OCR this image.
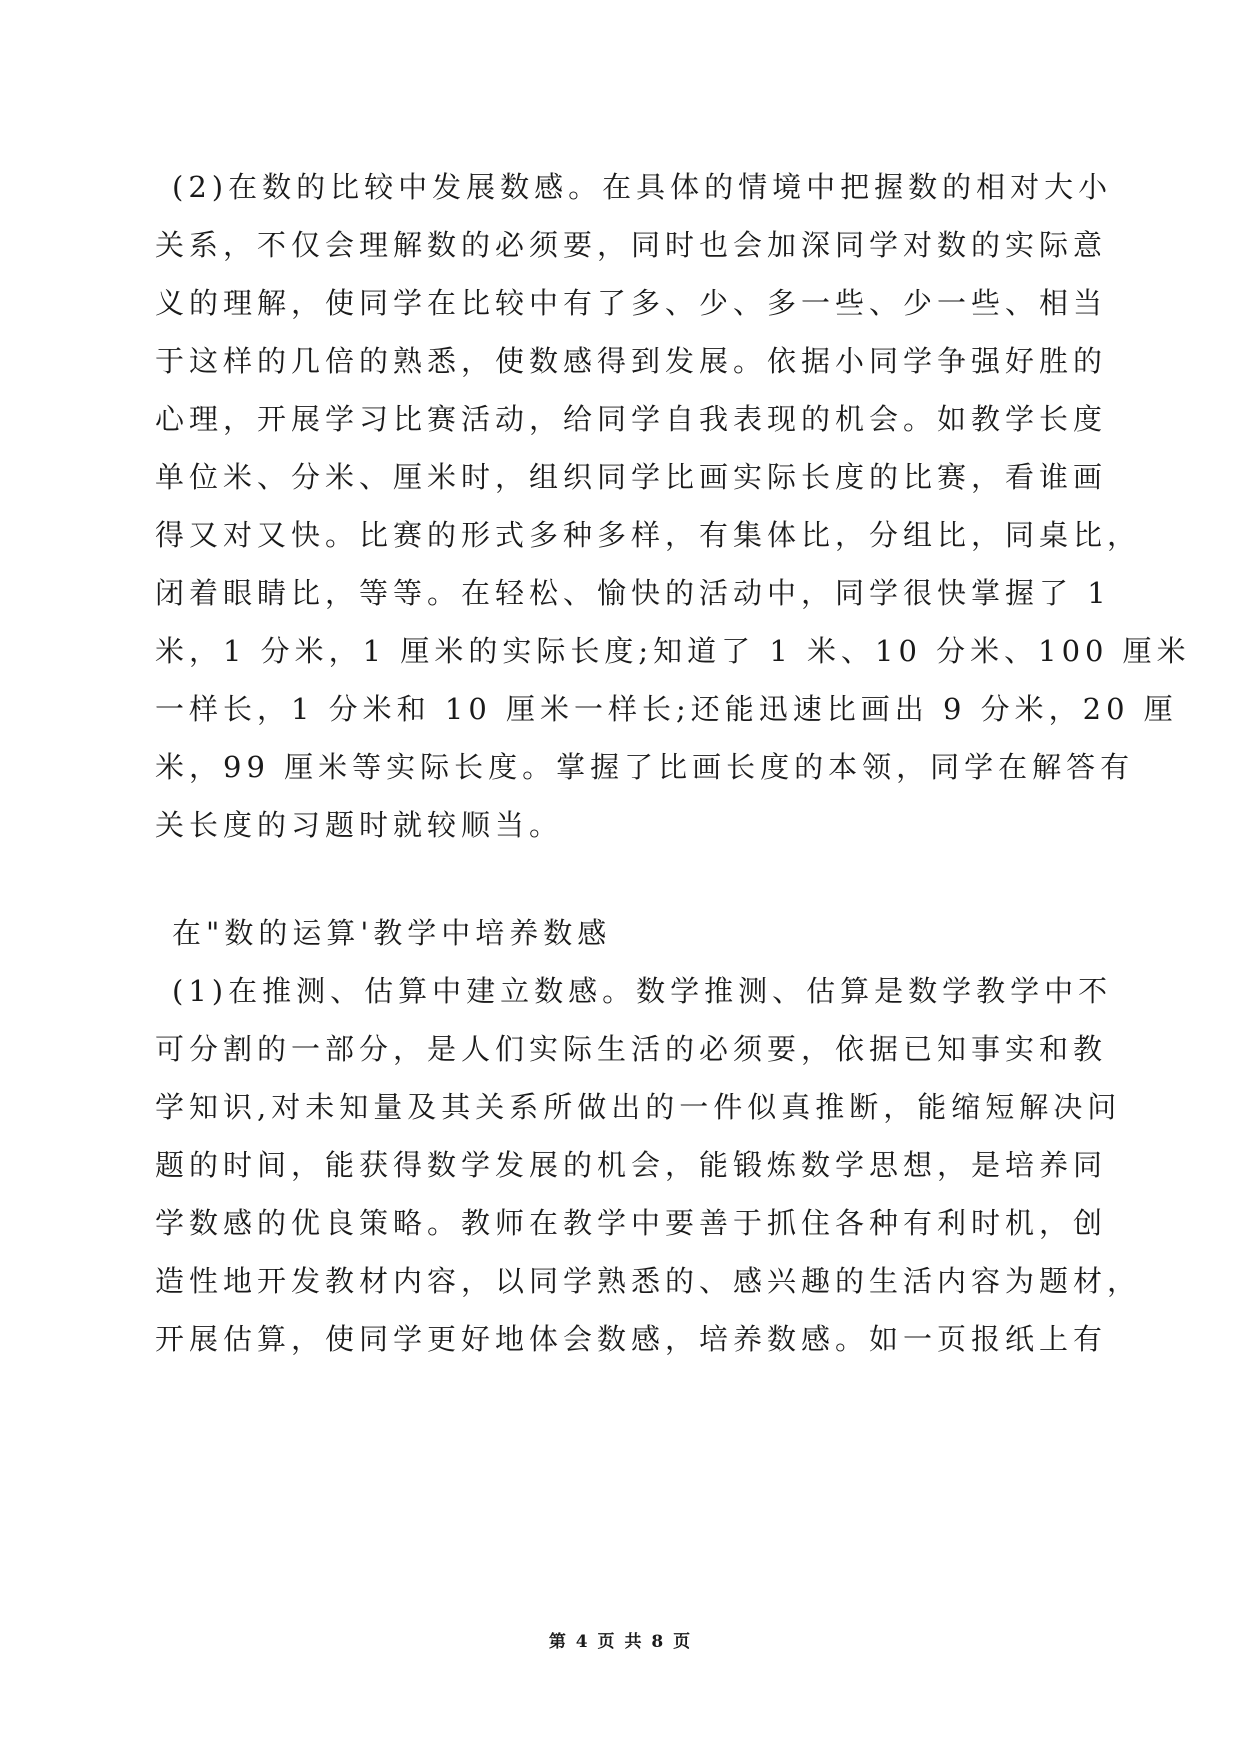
(2)在数的比较中发展数感。在具体的情境中把握数的相对大小
关系，不仅会理解数的必须要，同时也会加深同学对数的实际意
义的理解，使同学在比较中有了多、少、多一些、少一些、相当
于这样的几倍的熟悉，使数感得到发展。依据小同学争强好胜的
心理，开展学习比赛活动，给同学自我表现的机会。如教学长度
单位米、分米、厘米时，组织同学比画实际长度的比赛，看谁画
得又对又快。比赛的形式多种多样，有集体比，分组比，同桌比，
闭着眼睛比，等等。在轻松、愉快的活动中，同学很快掌握了 1
米，1 分米，1 厘米的实际长度;知道了 1 米、10 分米、100 厘米
一样长，1 分米和 10 厘米一样长;还能迅速比画出 9 分米，20 厘
米，99 厘米等实际长度。掌握了比画长度的本领，同学在解答有
关长度的习题时就较顺当。
在"数的运算'教学中培养数感
(1)在推测、估算中建立数感。数学推测、估算是数学教学中不
可分割的一部分，是人们实际生活的必须要，依据已知事实和教
学知识,对未知量及其关系所做出的一件似真推断，能缩短解决问
题的时间，能获得数学发展的机会，能锻炼数学思想，是培养同
学数感的优良策略。教师在教学中要善于抓住各种有利时机，创
造性地开发教材内容，以同学熟悉的、感兴趣的生活内容为题材，
开展估算，使同学更好地体会数感，培养数感。如一页报纸上有
第 4 页 共 8 页
